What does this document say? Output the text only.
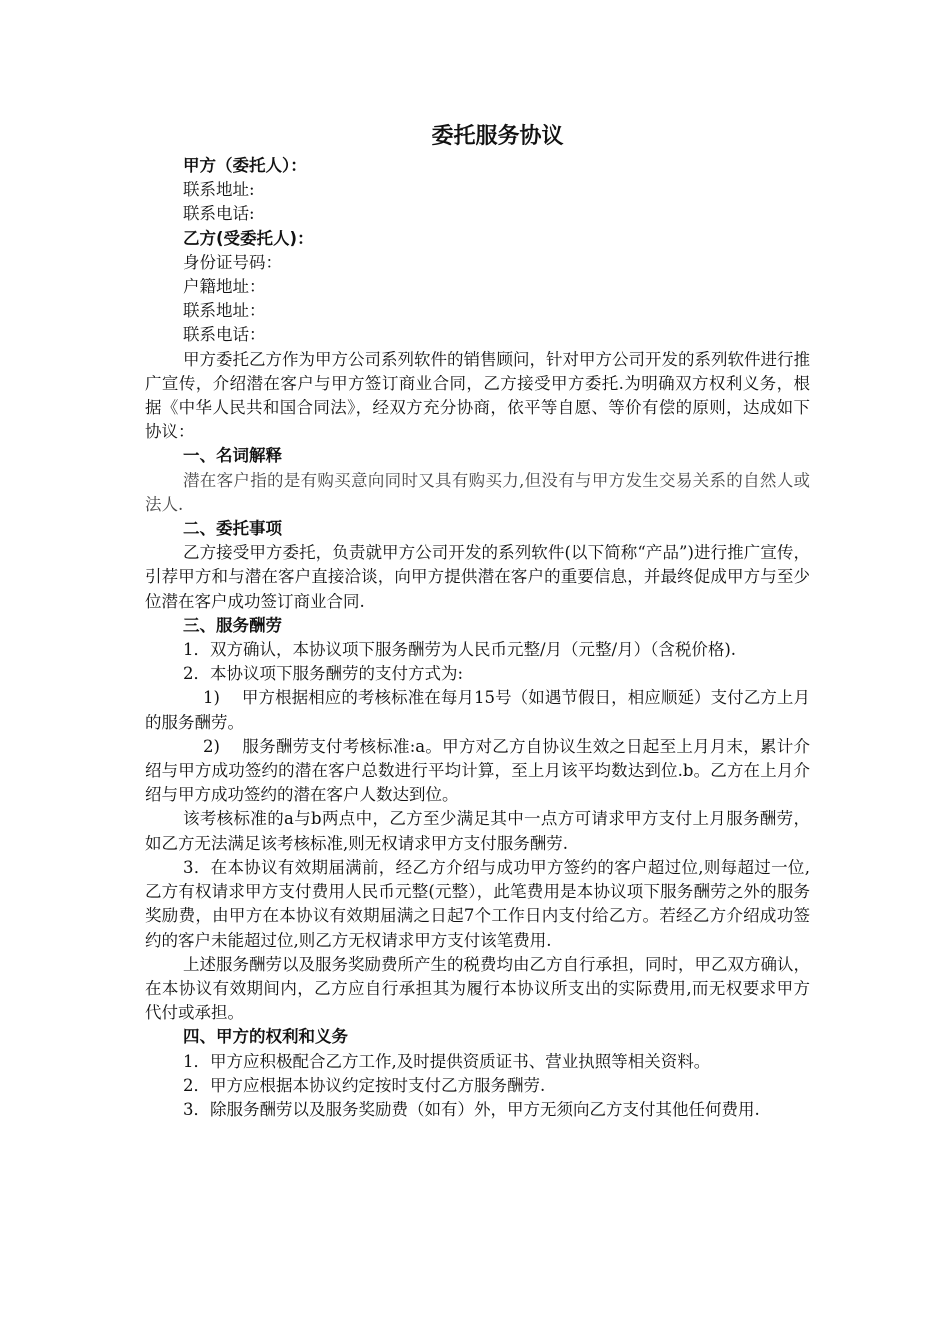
委托服务协议
甲方（委托人）：
联系地址:
联系电话:
乙方(受委托人)：
身份证号码：
户籍地址：
联系地址：
联系电话：

甲方委托乙方作为甲方公司系列软件的销售顾问，针对甲方公司开发的系列软件进行推广宣传，介绍潜在客户与甲方签订商业合同，乙方接受甲方委托.为明确双方权利义务，根据《中华人民共和国合同法》，经双方充分协商，依平等自愿、等价有偿的原则，达成如下协议：

一、名词解释

潜在客户指的是有购买意向同时又具有购买力,但没有与甲方发生交易关系的自然人或法人.

二、委托事项

乙方接受甲方委托，负责就甲方公司开发的系列软件(以下简称“产品”)进行推广宣传，引荐甲方和与潜在客户直接洽谈，向甲方提供潜在客户的重要信息，并最终促成甲方与至少位潜在客户成功签订商业合同.

三、服务酬劳

1．双方确认，本协议项下服务酬劳为人民币元整/月（元整/月）（含税价格).

2．本协议项下服务酬劳的支付方式为:

1)　 甲方根据相应的考核标准在每月15号（如遇节假日，相应顺延）支付乙方上月的服务酬劳。

2)　 服务酬劳支付考核标准:a。甲方对乙方自协议生效之日起至上月月末，累计介绍与甲方成功签约的潜在客户总数进行平均计算，至上月该平均数达到位.b。乙方在上月介绍与甲方成功签约的潜在客户人数达到位。

该考核标准的a与b两点中，乙方至少满足其中一点方可请求甲方支付上月服务酬劳，如乙方无法满足该考核标准,则无权请求甲方支付服务酬劳.

3．在本协议有效期届满前，经乙方介绍与成功甲方签约的客户超过位,则每超过一位,乙方有权请求甲方支付费用人民币元整(元整），此笔费用是本协议项下服务酬劳之外的服务奖励费，由甲方在本协议有效期届满之日起7个工作日内支付给乙方。若经乙方介绍成功签约的客户未能超过位,则乙方无权请求甲方支付该笔费用.

上述服务酬劳以及服务奖励费所产生的税费均由乙方自行承担，同时，甲乙双方确认，在本协议有效期间内，乙方应自行承担其为履行本协议所支出的实际费用,而无权要求甲方代付或承担。

四、甲方的权利和义务

1．甲方应积极配合乙方工作,及时提供资质证书、营业执照等相关资料。

2．甲方应根据本协议约定按时支付乙方服务酬劳.

3．除服务酬劳以及服务奖励费（如有）外，甲方无须向乙方支付其他任何费用.
